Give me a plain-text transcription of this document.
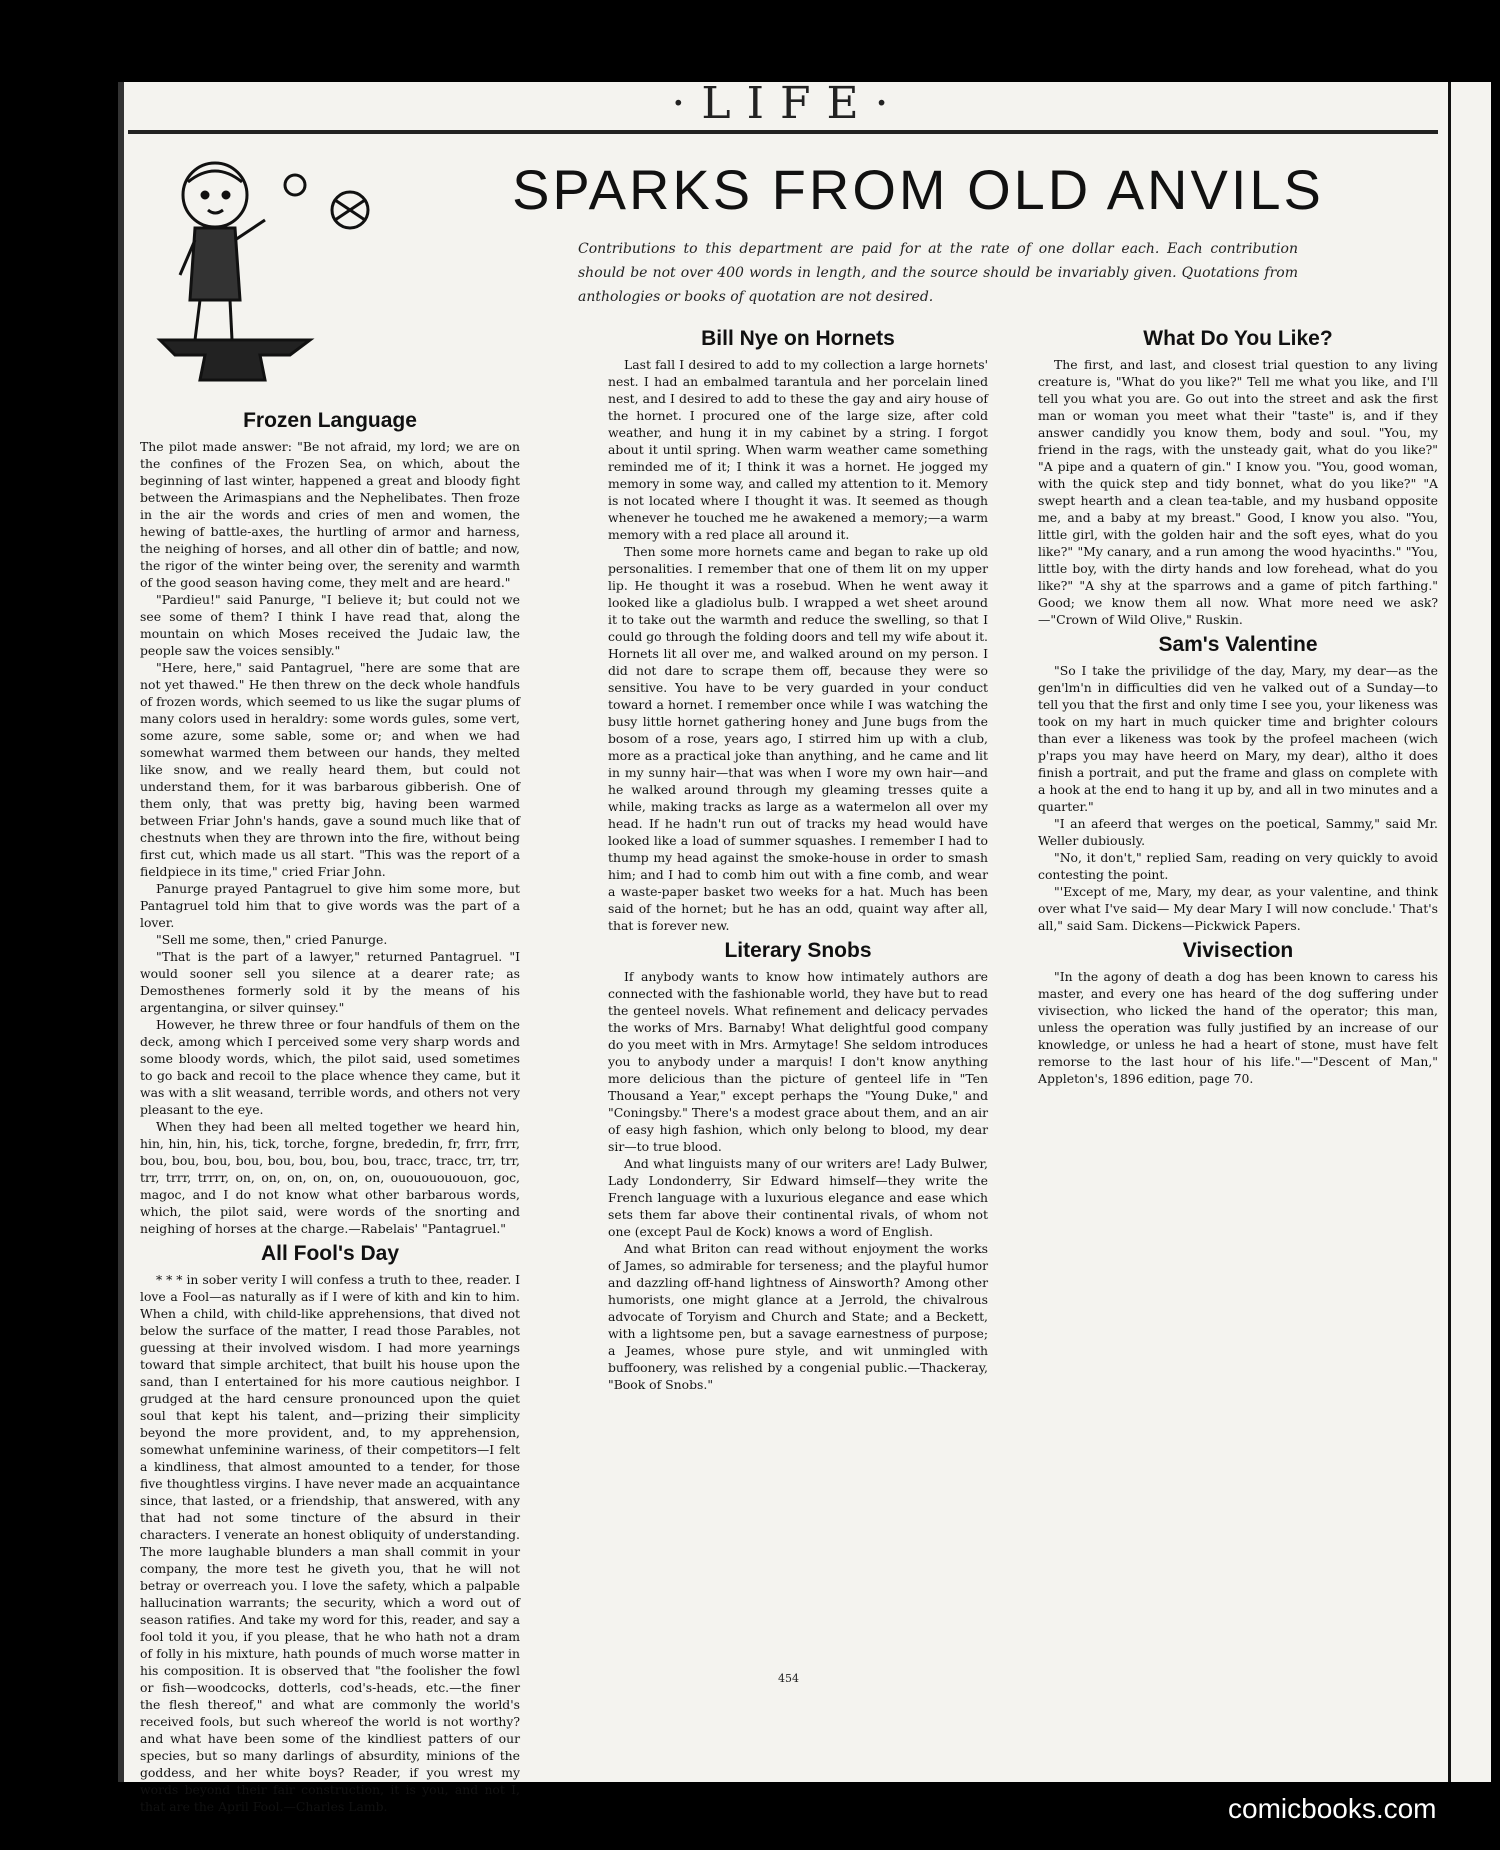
·LIFE·
SPARKS FROM OLD ANVILS
Contributions to this department are paid for at the rate of one dollar each. Each contribution should be not over 400 words in length, and the source should be invariably given. Quotations from anthologies or books of quotation are not desired.
Frozen Language

The pilot made answer: "Be not afraid, my lord; we are on the confines of the Frozen Sea, on which, about the beginning of last winter, happened a great and bloody fight between the Arimaspians and the Nephelibates. Then froze in the air the words and cries of men and women, the hewing of battle-axes, the hurtling of armor and harness, the neighing of horses, and all other din of battle; and now, the rigor of the winter being over, the serenity and warmth of the good season having come, they melt and are heard."

"Pardieu!" said Panurge, "I believe it; but could not we see some of them? I think I have read that, along the mountain on which Moses received the Judaic law, the people saw the voices sensibly."

"Here, here," said Pantagruel, "here are some that are not yet thawed." He then threw on the deck whole handfuls of frozen words, which seemed to us like the sugar plums of many colors used in heraldry: some words gules, some vert, some azure, some sable, some or; and when we had somewhat warmed them between our hands, they melted like snow, and we really heard them, but could not understand them, for it was barbarous gibberish. One of them only, that was pretty big, having been warmed between Friar John's hands, gave a sound much like that of chestnuts when they are thrown into the fire, without being first cut, which made us all start. "This was the report of a fieldpiece in its time," cried Friar John.

Panurge prayed Pantagruel to give him some more, but Pantagruel told him that to give words was the part of a lover.

"Sell me some, then," cried Panurge.

"That is the part of a lawyer," returned Pantagruel. "I would sooner sell you silence at a dearer rate; as Demosthenes formerly sold it by the means of his argentangina, or silver quinsey."

However, he threw three or four handfuls of them on the deck, among which I perceived some very sharp words and some bloody words, which, the pilot said, used sometimes to go back and recoil to the place whence they came, but it was with a slit weasand, terrible words, and others not very pleasant to the eye.

When they had been all melted together we heard hin, hin, hin, hin, his, tick, torche, forgne, brededin, fr, frrr, frrr, bou, bou, bou, bou, bou, bou, bou, bou, tracc, tracc, trr, trr, trr, trrr, trrrr, on, on, on, on, on, on, ouououououon, goc, magoc, and I do not know what other barbarous words, which, the pilot said, were words of the snorting and neighing of horses at the charge.—Rabelais' "Pantagruel."

All Fool's Day

* * * in sober verity I will confess a truth to thee, reader. I love a Fool—as naturally as if I were of kith and kin to him. When a child, with child-like apprehensions, that dived not below the surface of the matter, I read those Parables, not guessing at their involved wisdom. I had more yearnings toward that simple architect, that built his house upon the sand, than I entertained for his more cautious neighbor. I grudged at the hard censure pronounced upon the quiet soul that kept his talent, and—prizing their simplicity beyond the more provident, and, to my apprehension, somewhat unfeminine wariness, of their competitors—I felt a kindliness, that almost amounted to a tender, for those five thoughtless virgins. I have never made an acquaintance since, that lasted, or a friendship, that answered, with any that had not some tincture of the absurd in their characters. I venerate an honest obliquity of understanding. The more laughable blunders a man shall commit in your company, the more test he giveth you, that he will not betray or overreach you. I love the safety, which a palpable hallucination warrants; the security, which a word out of season ratifies. And take my word for this, reader, and say a fool told it you, if you please, that he who hath not a dram of folly in his mixture, hath pounds of much worse matter in his composition. It is observed that "the foolisher the fowl or fish—woodcocks, dotterls, cod's-heads, etc.—the finer the flesh thereof," and what are commonly the world's received fools, but such whereof the world is not worthy? and what have been some of the kindliest patters of our species, but so many darlings of absurdity, minions of the goddess, and her white boys? Reader, if you wrest my words beyond their fair construction, it is you, and not I, that are the April Fool.—Charles Lamb.

Bill Nye on Hornets

Last fall I desired to add to my collection a large hornets' nest. I had an embalmed tarantula and her porcelain lined nest, and I desired to add to these the gay and airy house of the hornet. I procured one of the large size, after cold weather, and hung it in my cabinet by a string. I forgot about it until spring. When warm weather came something reminded me of it; I think it was a hornet. He jogged my memory in some way, and called my attention to it. Memory is not located where I thought it was. It seemed as though whenever he touched me he awakened a memory;—a warm memory with a red place all around it.

Then some more hornets came and began to rake up old personalities. I remember that one of them lit on my upper lip. He thought it was a rosebud. When he went away it looked like a gladiolus bulb. I wrapped a wet sheet around it to take out the warmth and reduce the swelling, so that I could go through the folding doors and tell my wife about it. Hornets lit all over me, and walked around on my person. I did not dare to scrape them off, because they were so sensitive. You have to be very guarded in your conduct toward a hornet. I remember once while I was watching the busy little hornet gathering honey and June bugs from the bosom of a rose, years ago, I stirred him up with a club, more as a practical joke than anything, and he came and lit in my sunny hair—that was when I wore my own hair—and he walked around through my gleaming tresses quite a while, making tracks as large as a watermelon all over my head. If he hadn't run out of tracks my head would have looked like a load of summer squashes. I remember I had to thump my head against the smoke-house in order to smash him; and I had to comb him out with a fine comb, and wear a waste-paper basket two weeks for a hat. Much has been said of the hornet; but he has an odd, quaint way after all, that is forever new.

Literary Snobs

If anybody wants to know how intimately authors are connected with the fashionable world, they have but to read the genteel novels. What refinement and delicacy pervades the works of Mrs. Barnaby! What delightful good company do you meet with in Mrs. Armytage! She seldom introduces you to anybody under a marquis! I don't know anything more delicious than the picture of genteel life in "Ten Thousand a Year," except perhaps the "Young Duke," and "Coningsby." There's a modest grace about them, and an air of easy high fashion, which only belong to blood, my dear sir—to true blood.

And what linguists many of our writers are! Lady Bulwer, Lady Londonderry, Sir Edward himself—they write the French language with a luxurious elegance and ease which sets them far above their continental rivals, of whom not one (except Paul de Kock) knows a word of English.

And what Briton can read without enjoyment the works of James, so admirable for terseness; and the playful humor and dazzling off-hand lightness of Ainsworth? Among other humorists, one might glance at a Jerrold, the chivalrous advocate of Toryism and Church and State; and a Beckett, with a lightsome pen, but a savage earnestness of purpose; a Jeames, whose pure style, and wit unmingled with buffoonery, was relished by a congenial public.—Thackeray, "Book of Snobs."

What Do You Like?

The first, and last, and closest trial question to any living creature is, "What do you like?" Tell me what you like, and I'll tell you what you are. Go out into the street and ask the first man or woman you meet what their "taste" is, and if they answer candidly you know them, body and soul. "You, my friend in the rags, with the unsteady gait, what do you like?" "A pipe and a quatern of gin." I know you. "You, good woman, with the quick step and tidy bonnet, what do you like?" "A swept hearth and a clean tea-table, and my husband opposite me, and a baby at my breast." Good, I know you also. "You, little girl, with the golden hair and the soft eyes, what do you like?" "My canary, and a run among the wood hyacinths." "You, little boy, with the dirty hands and low forehead, what do you like?" "A shy at the sparrows and a game of pitch farthing." Good; we know them all now. What more need we ask?—"Crown of Wild Olive," Ruskin.

Sam's Valentine

"So I take the privilidge of the day, Mary, my dear—as the gen'lm'n in difficulties did ven he valked out of a Sunday—to tell you that the first and only time I see you, your likeness was took on my hart in much quicker time and brighter colours than ever a likeness was took by the profeel macheen (wich p'raps you may have heerd on Mary, my dear), altho it does finish a portrait, and put the frame and glass on complete with a hook at the end to hang it up by, and all in two minutes and a quarter."

"I an afeerd that werges on the poetical, Sammy," said Mr. Weller dubiously.

"No, it don't," replied Sam, reading on very quickly to avoid contesting the point.

"'Except of me, Mary, my dear, as your valentine, and think over what I've said— My dear Mary I will now conclude.' That's all," said Sam. Dickens—Pickwick Papers.

Vivisection

"In the agony of death a dog has been known to caress his master, and every one has heard of the dog suffering under vivisection, who licked the hand of the operator; this man, unless the operation was fully justified by an increase of our knowledge, or unless he had a heart of stone, must have felt remorse to the last hour of his life."—"Descent of Man," Appleton's, 1896 edition, page 70.

454
comicbooks.com
